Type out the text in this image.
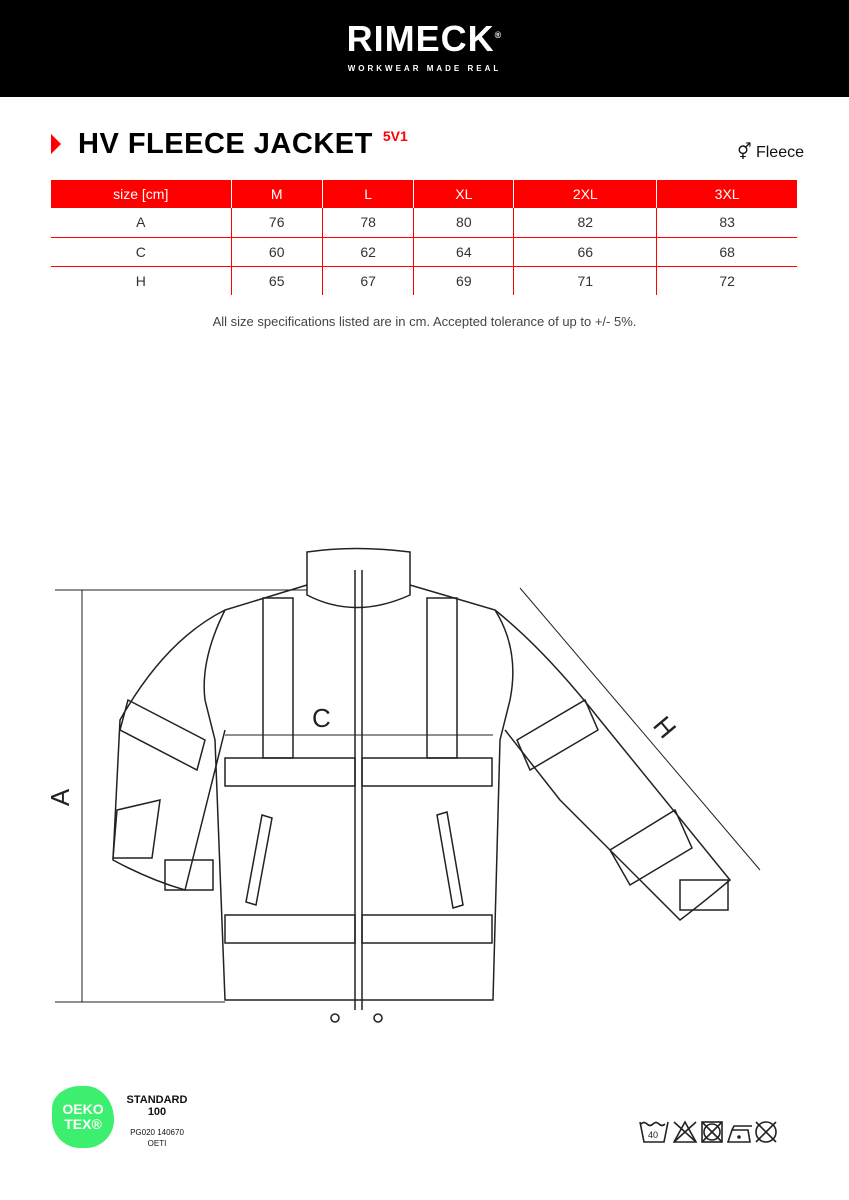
RIMECK®
WORKWEAR MADE REAL
HV FLEECE JACKET 5V1
⚥ Fleece
size [cm]	M	L	XL	2XL	3XL
A	76	78	80	82	83
C	60	62	64	66	68
H	65	67	69	71	72
All size specifications listed are in cm. Accepted tolerance of up to +/- 5%.
A
C	H
OEKO
TEX®
STANDARD
100
PG020 140670
OETI
40
